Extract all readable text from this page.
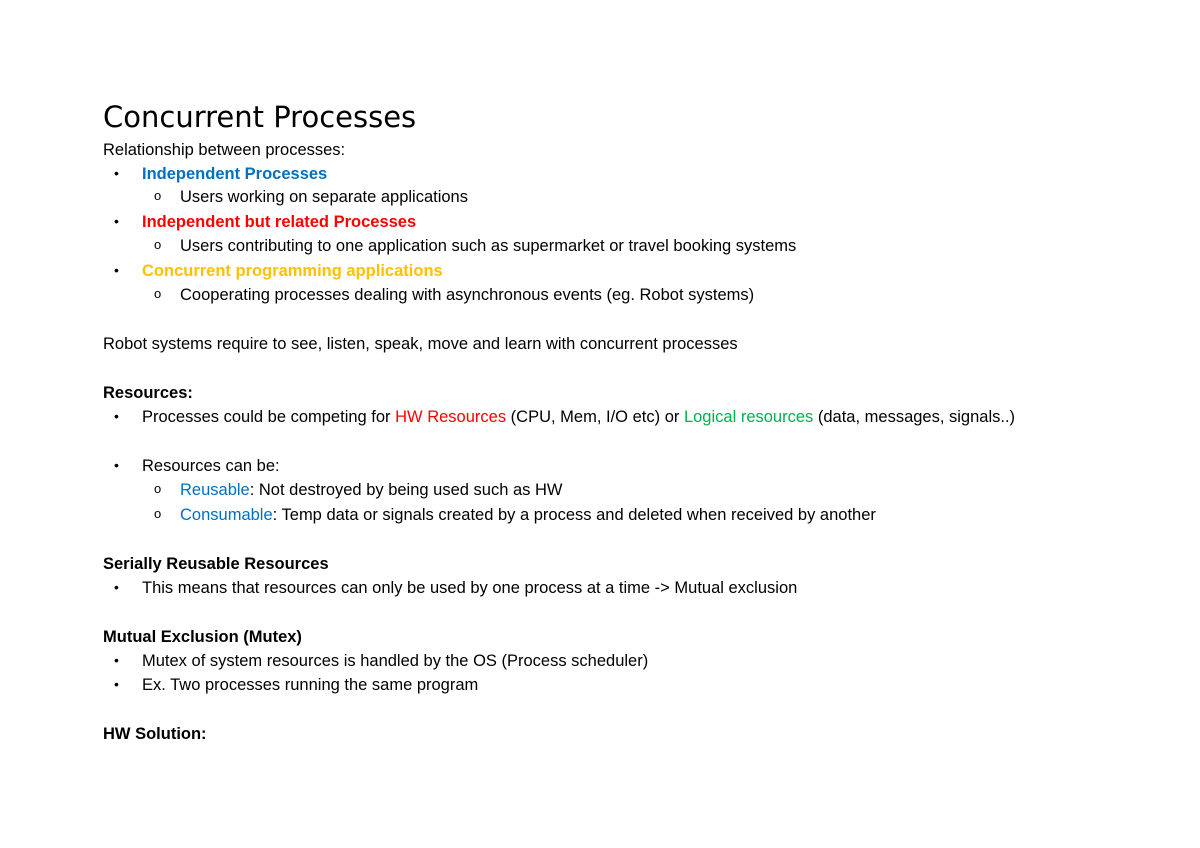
Concurrent Processes
Relationship between processes:
• Independent Processes
o Users working on separate applications
• Independent but related Processes
o Users contributing to one application such as supermarket or travel booking systems
• Concurrent programming applications
o Cooperating processes dealing with asynchronous events (eg. Robot systems)
Robot systems require to see, listen, speak, move and learn with concurrent processes
Resources:
• Processes could be competing for HW Resources (CPU, Mem, I/O etc) or Logical resources (data, messages, signals..)
• Resources can be:
o Reusable: Not destroyed by being used such as HW
o Consumable: Temp data or signals created by a process and deleted when received by another
Serially Reusable Resources
• This means that resources can only be used by one process at a time -> Mutual exclusion
Mutual Exclusion (Mutex)
• Mutex of system resources is handled by the OS (Process scheduler)
• Ex. Two processes running the same program
HW Solution:
